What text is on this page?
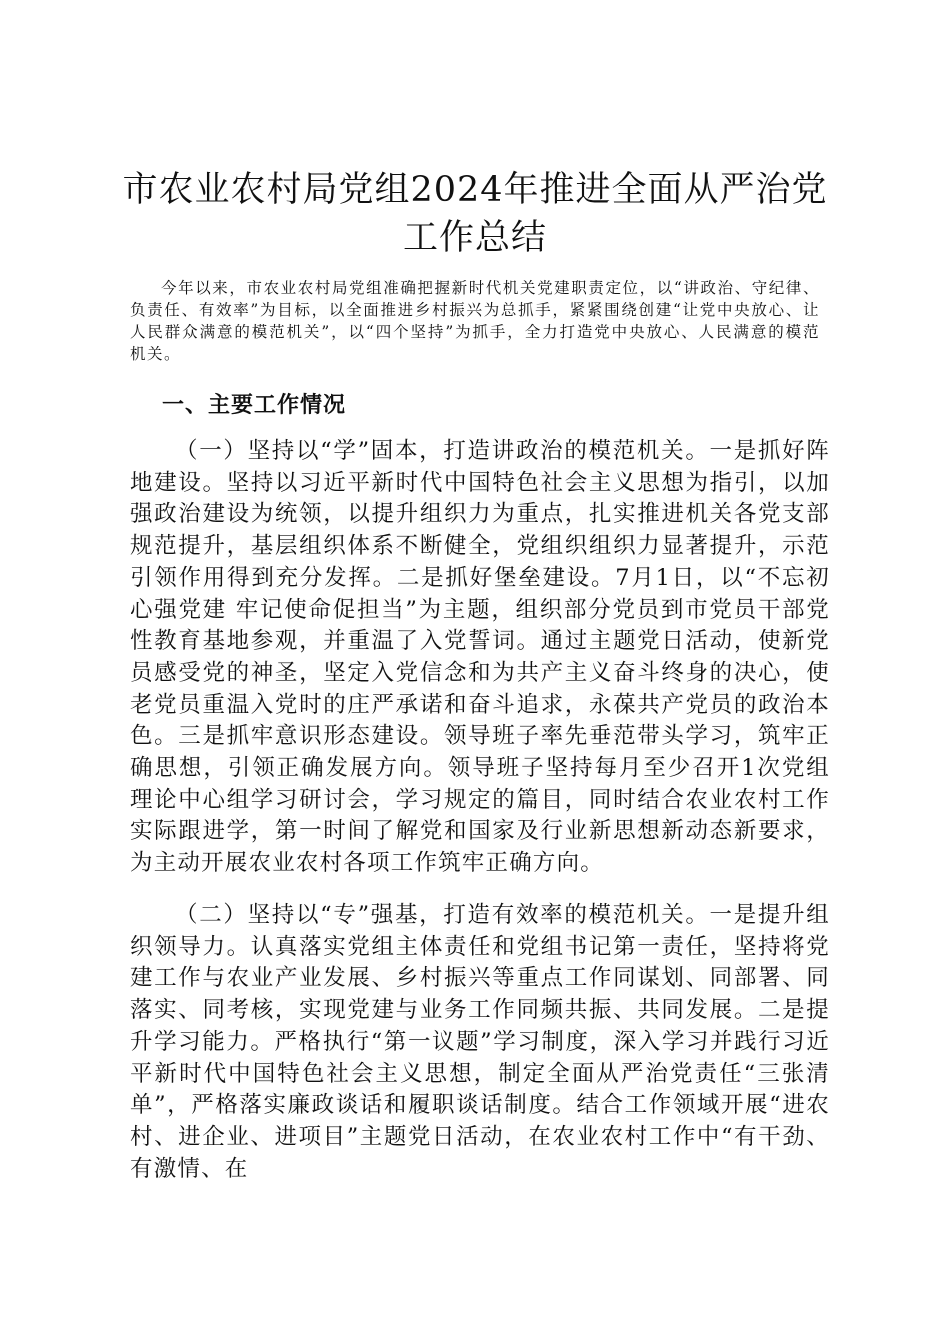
市农业农村局党组2024年推进全面从严治党工作总结

今年以来，市农业农村局党组准确把握新时代机关党建职责定位，以“讲政治、守纪律、负责任、有效率”为目标，以全面推进乡村振兴为总抓手，紧紧围绕创建“让党中央放心、让人民群众满意的模范机关”，以“四个坚持”为抓手，全力打造党中央放心、人民满意的模范机关。

一、主要工作情况

（一）坚持以“学”固本，打造讲政治的模范机关。一是抓好阵地建设。坚持以习近平新时代中国特色社会主义思想为指引，以加强政治建设为统领，以提升组织力为重点，扎实推进机关各党支部规范提升，基层组织体系不断健全，党组织组织力显著提升，示范引领作用得到充分发挥。二是抓好堡垒建设。7月1日，以“不忘初心强党建 牢记使命促担当”为主题，组织部分党员到市党员干部党性教育基地参观，并重温了入党誓词。通过主题党日活动，使新党员感受党的神圣，坚定入党信念和为共产主义奋斗终身的决心，使老党员重温入党时的庄严承诺和奋斗追求，永葆共产党员的政治本色。三是抓牢意识形态建设。领导班子率先垂范带头学习，筑牢正确思想，引领正确发展方向。领导班子坚持每月至少召开1次党组理论中心组学习研讨会，学习规定的篇目，同时结合农业农村工作实际跟进学，第一时间了解党和国家及行业新思想新动态新要求，为主动开展农业农村各项工作筑牢正确方向。

（二）坚持以“专”强基，打造有效率的模范机关。一是提升组织领导力。认真落实党组主体责任和党组书记第一责任，坚持将党建工作与农业产业发展、乡村振兴等重点工作同谋划、同部署、同落实、同考核，实现党建与业务工作同频共振、共同发展。二是提升学习能力。严格执行“第一议题”学习制度，深入学习并践行习近平新时代中国特色社会主义思想，制定全面从严治党责任“三张清单”，严格落实廉政谈话和履职谈话制度。结合工作领域开展“进农村、进企业、进项目”主题党日活动，在农业农村工作中“有干劲、有激情、在
